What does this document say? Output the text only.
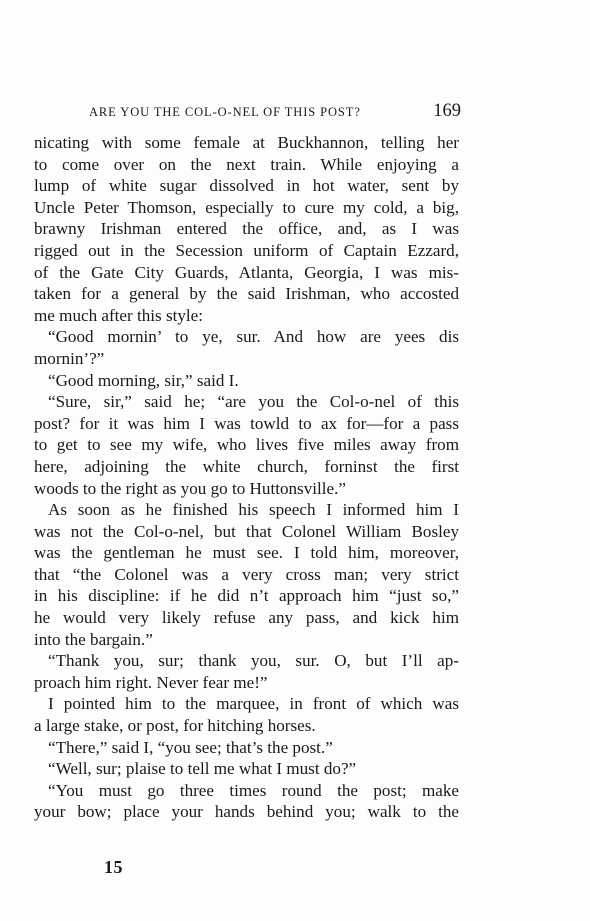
ARE YOU THE COL-O-NEL OF THIS POST?	169
nicating with some female at Buckhannon, telling her
to come over on the next train. While enjoying a
lump of white sugar dissolved in hot water, sent by
Uncle Peter Thomson, especially to cure my cold, a big,
brawny Irishman entered the office, and, as I was
rigged out in the Secession uniform of Captain Ezzard,
of the Gate City Guards, Atlanta, Georgia, I was mis-
taken for a general by the said Irishman, who accosted
me much after this style:
“Good mornin’ to ye, sur. And how are yees dis
mornin’?”
“Good morning, sir,” said I.
“Sure, sir,” said he; “are you the Col-o-nel of this
post? for it was him I was towld to ax for—for a pass
to get to see my wife, who lives five miles away from
here, adjoining the white church, forninst the first
woods to the right as you go to Huttonsville.”
As soon as he finished his speech I informed him I
was not the Col-o-nel, but that Colonel William Bosley
was the gentleman he must see. I told him, moreover,
that “the Colonel was a very cross man; very strict
in his discipline: if he did n’t approach him “just so,”
he would very likely refuse any pass, and kick him
into the bargain.”
“Thank you, sur; thank you, sur. O, but I’ll ap-
proach him right. Never fear me!”
I pointed him to the marquee, in front of which was
a large stake, or post, for hitching horses.
“There,” said I, “you see; that’s the post.”
“Well, sur; plaise to tell me what I must do?”
“You must go three times round the post; make
your bow; place your hands behind you; walk to the
15
